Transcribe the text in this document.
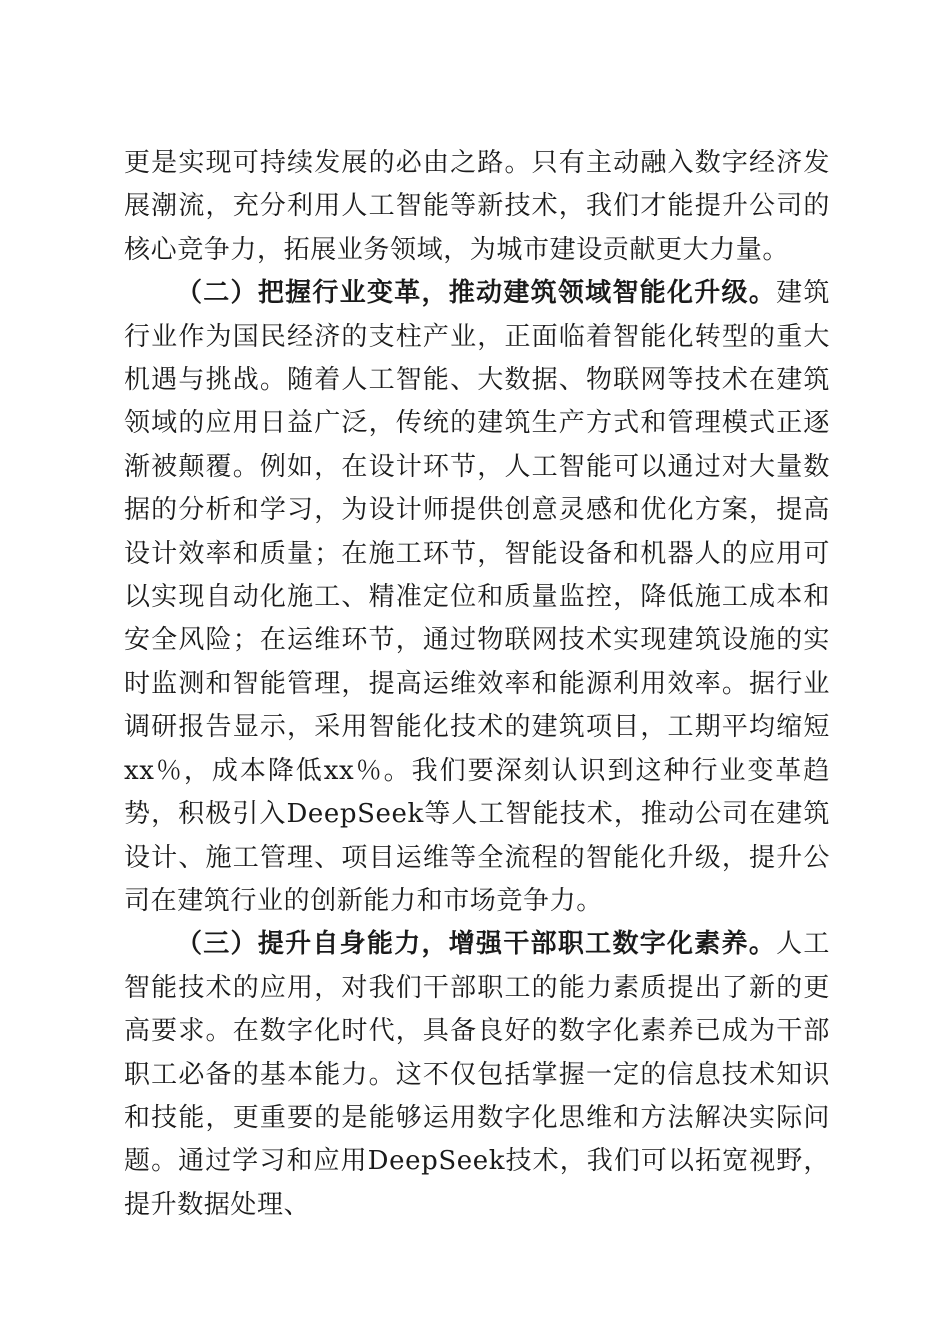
更是实现可持续发展的必由之路。只有主动融入数字经济发展潮流，充分利用人工智能等新技术，我们才能提升公司的核心竞争力，拓展业务领域，为城市建设贡献更大力量。

（二）把握行业变革，推动建筑领域智能化升级。建筑行业作为国民经济的支柱产业，正面临着智能化转型的重大机遇与挑战。随着人工智能、大数据、物联网等技术在建筑领域的应用日益广泛，传统的建筑生产方式和管理模式正逐渐被颠覆。例如，在设计环节，人工智能可以通过对大量数据的分析和学习，为设计师提供创意灵感和优化方案，提高设计效率和质量；在施工环节，智能设备和机器人的应用可以实现自动化施工、精准定位和质量监控，降低施工成本和安全风险；在运维环节，通过物联网技术实现建筑设施的实时监测和智能管理，提高运维效率和能源利用效率。据行业调研报告显示，采用智能化技术的建筑项目，工期平均缩短xx％，成本降低xx％。我们要深刻认识到这种行业变革趋势，积极引入DeepSeek等人工智能技术，推动公司在建筑设计、施工管理、项目运维等全流程的智能化升级，提升公司在建筑行业的创新能力和市场竞争力。

（三）提升自身能力，增强干部职工数字化素养。人工智能技术的应用，对我们干部职工的能力素质提出了新的更高要求。在数字化时代，具备良好的数字化素养已成为干部职工必备的基本能力。这不仅包括掌握一定的信息技术知识和技能，更重要的是能够运用数字化思维和方法解决实际问题。通过学习和应用DeepSeek技术，我们可以拓宽视野，提升数据处理、
